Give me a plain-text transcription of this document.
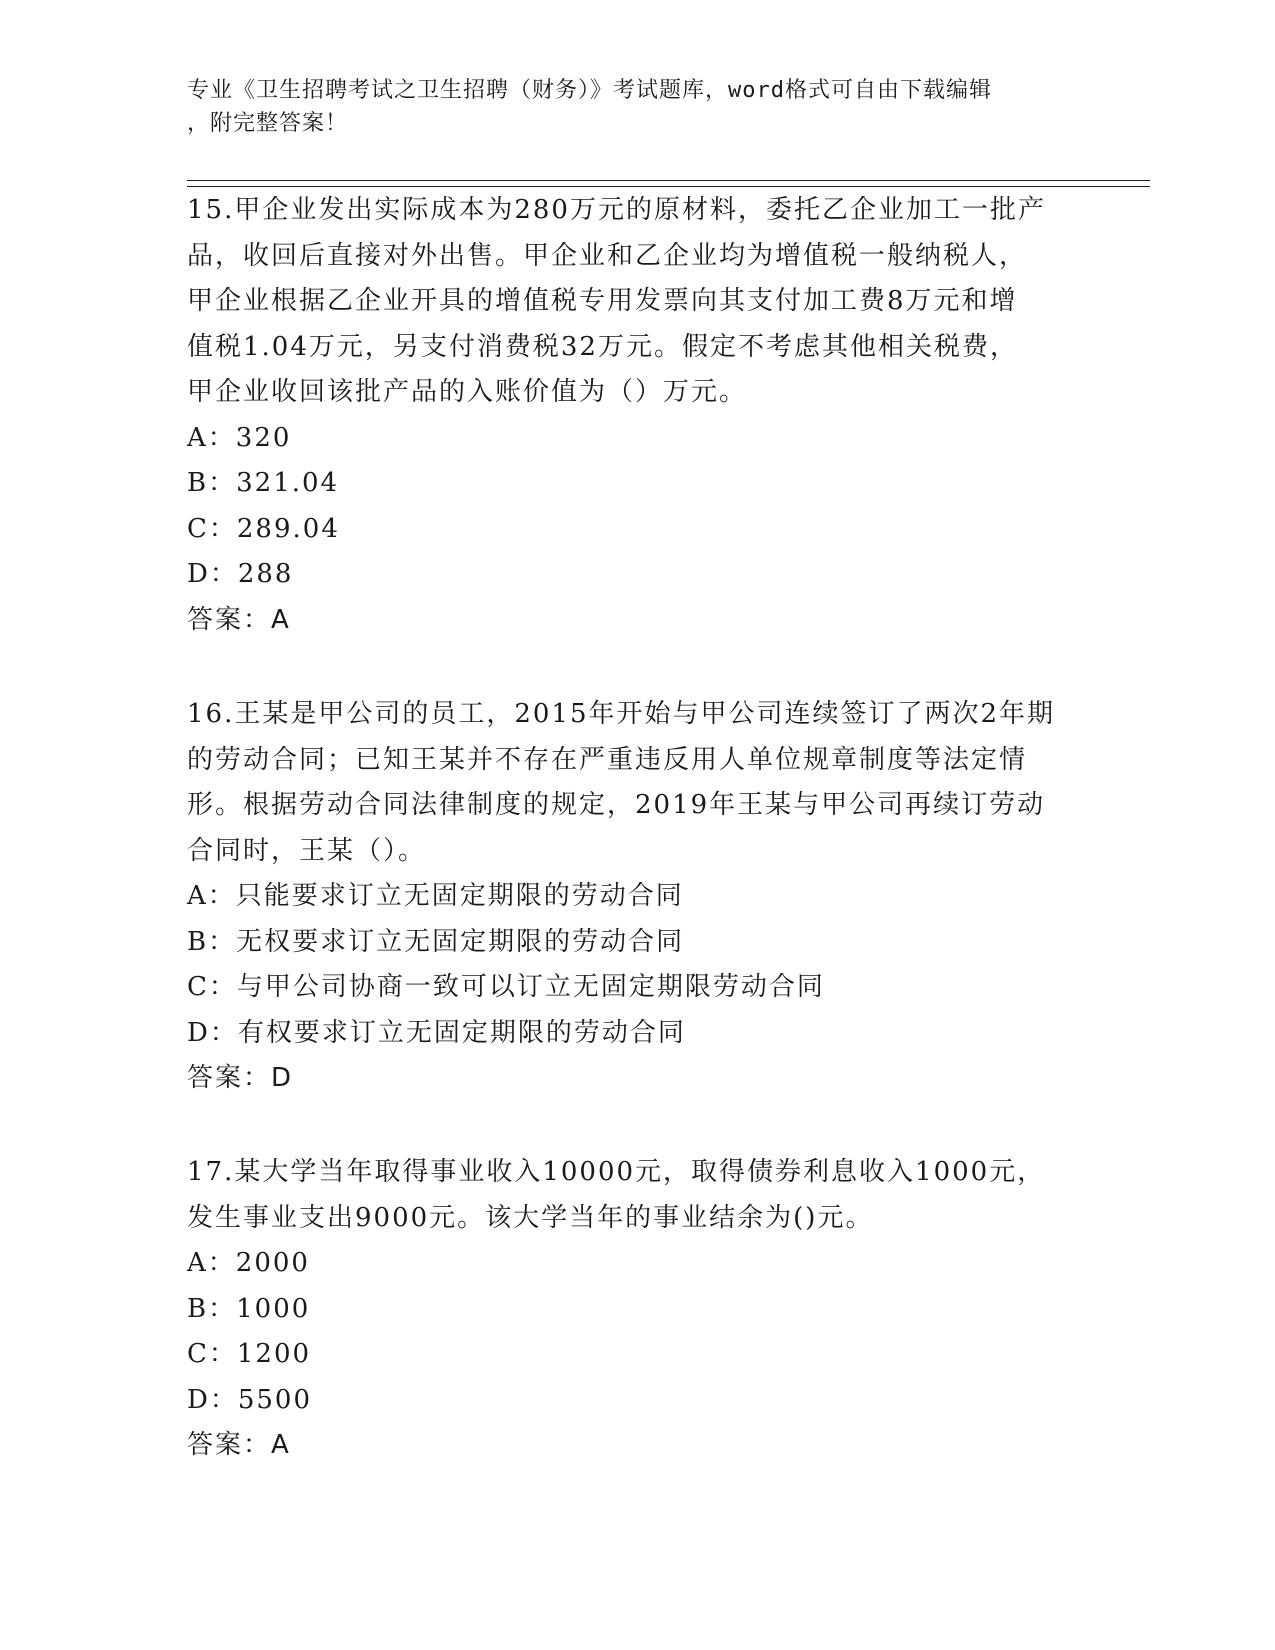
专业《卫生招聘考试之卫生招聘（财务）》考试题库，word格式可自由下载编辑
，附完整答案！
15.甲企业发出实际成本为280万元的原材料，委托乙企业加工一批产
品，收回后直接对外出售。甲企业和乙企业均为增值税一般纳税人，
甲企业根据乙企业开具的增值税专用发票向其支付加工费8万元和增
值税1.04万元，另支付消费税32万元。假定不考虑其他相关税费，
甲企业收回该批产品的入账价值为（）万元。
A：320
B：321.04
C：289.04
D：288
答案：A
16.王某是甲公司的员工，2015年开始与甲公司连续签订了两次2年期
的劳动合同；已知王某并不存在严重违反用人单位规章制度等法定情
形。根据劳动合同法律制度的规定，2019年王某与甲公司再续订劳动
合同时，王某（）。
A：只能要求订立无固定期限的劳动合同
B：无权要求订立无固定期限的劳动合同
C：与甲公司协商一致可以订立无固定期限劳动合同
D：有权要求订立无固定期限的劳动合同
答案：D
17.某大学当年取得事业收入10000元，取得债券利息收入1000元，
发生事业支出9000元。该大学当年的事业结余为()元。
A：2000
B：1000
C：1200
D：5500
答案：A
